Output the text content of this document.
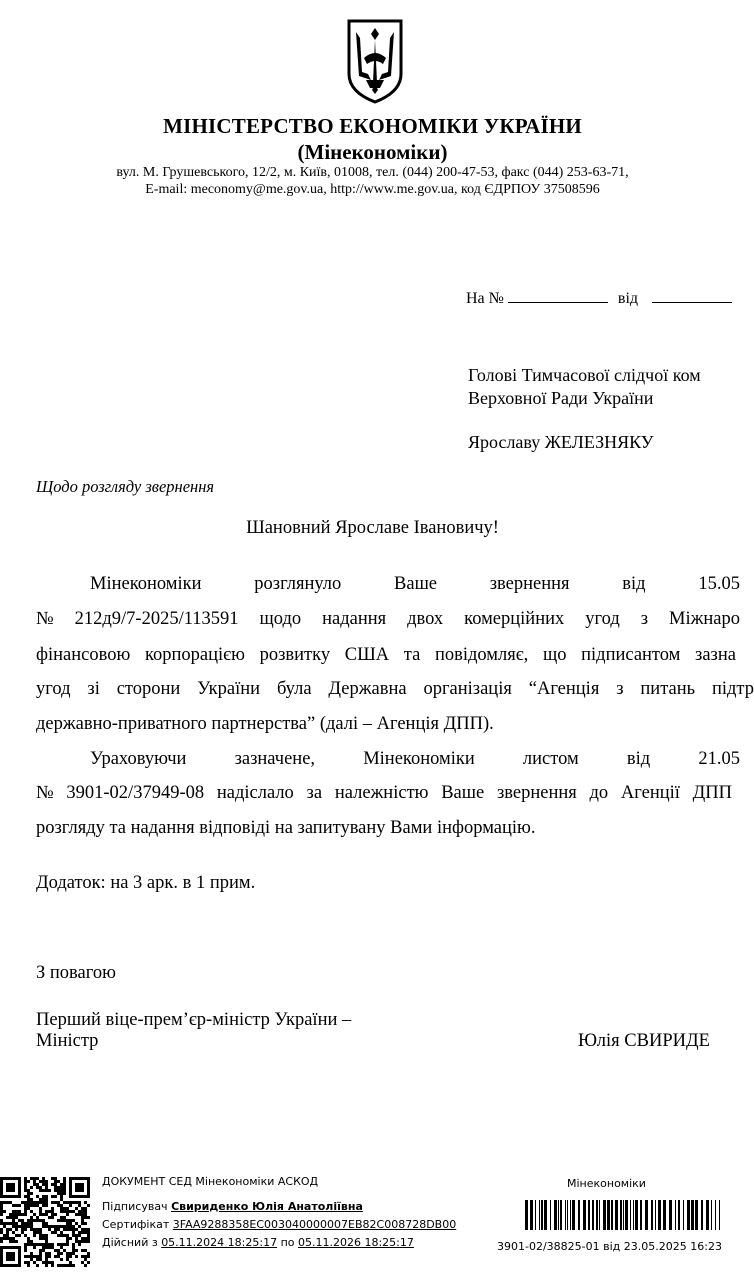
МІНІСТЕРСТВО ЕКОНОМІКИ УКРАЇНИ
(Мінекономіки)
вул. М. Грушевського, 12/2, м. Київ, 01008, тел. (044) 200-47-53, факс (044) 253-63-71,
E-mail: meconomy@me.gov.ua, http://www.me.gov.ua, код ЄДРПОУ 37508596
На №	від
Голові Тимчасової слідчої ком
Верховної Ради України
Ярославу ЖЕЛЕЗНЯКУ
Щодо розгляду звернення
Шановний Ярославе Івановичу!
Мінекономіки	розглянуло	Ваше	звернення	від	15.05
№ 212д9/7-2025/113591 щодо надання двох комерційних угод з Міжнаро
фінансовою корпорацією розвитку США та повідомляє, що підписантом зазна
угод зі сторони України була Державна організація “Агенція з питань підтр
державно-приватного партнерства” (далі – Агенція ДПП).
Ураховуючи	зазначене,	Мінекономіки	листом	від	21.05
№ 3901-02/37949-08 надіслало за належністю Ваше звернення до Агенції ДПП
розгляду та надання відповіді на запитувану Вами інформацію.
Додаток: на 3 арк. в 1 прим.
З повагою
Перший віце-прем’єр-міністр України –
Міністр	Юлія СВИРИДЕ
ДОКУМЕНТ СЕД Мінекономіки АСКОД
Підписувач Свириденко Юлія Анатоліївна
Сертифікат 3FAA9288358EC003040000007EB82C008728DB00
Дійсний з 05.11.2024 18:25:17 по 05.11.2026 18:25:17
Мінекономіки
3901-02/38825-01 від 23.05.2025 16:23
